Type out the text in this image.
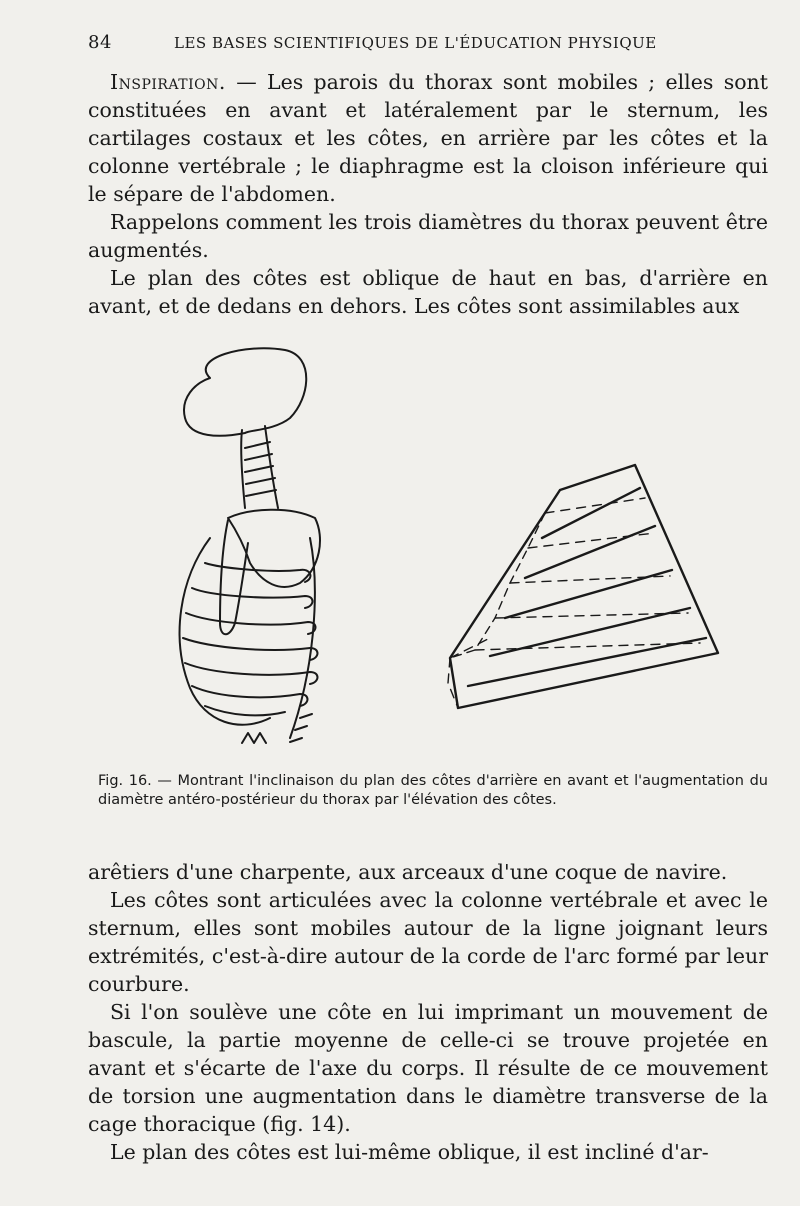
84	LES BASES SCIENTIFIQUES DE L'ÉDUCATION PHYSIQUE

Inspiration. — Les parois du thorax sont mobiles ; elles sont constituées en avant et latéralement par le sternum, les cartilages costaux et les côtes, en arrière par les côtes et la colonne vertébrale ; le diaphragme est la cloison inférieure qui le sépare de l'abdomen.

Rappelons comment les trois diamètres du thorax peuvent être augmentés.

Le plan des côtes est oblique de haut en bas, d'arrière en avant, et de dedans en dehors. Les côtes sont assimilables aux

Fig. 16. — Montrant l'inclinaison du plan des côtes d'arrière en avant et l'augmentation du diamètre antéro-postérieur du thorax par l'élévation des côtes.

arêtiers d'une charpente, aux arceaux d'une coque de navire.

Les côtes sont articulées avec la colonne vertébrale et avec le sternum, elles sont mobiles autour de la ligne joignant leurs extrémités, c'est-à-dire autour de la corde de l'arc formé par leur courbure.

Si l'on soulève une côte en lui imprimant un mouvement de bascule, la partie moyenne de celle-ci se trouve projetée en avant et s'écarte de l'axe du corps. Il résulte de ce mouvement de torsion une augmentation dans le diamètre transverse de la cage thoracique (fig. 14).

Le plan des côtes est lui-même oblique, il est incliné d'ar-
